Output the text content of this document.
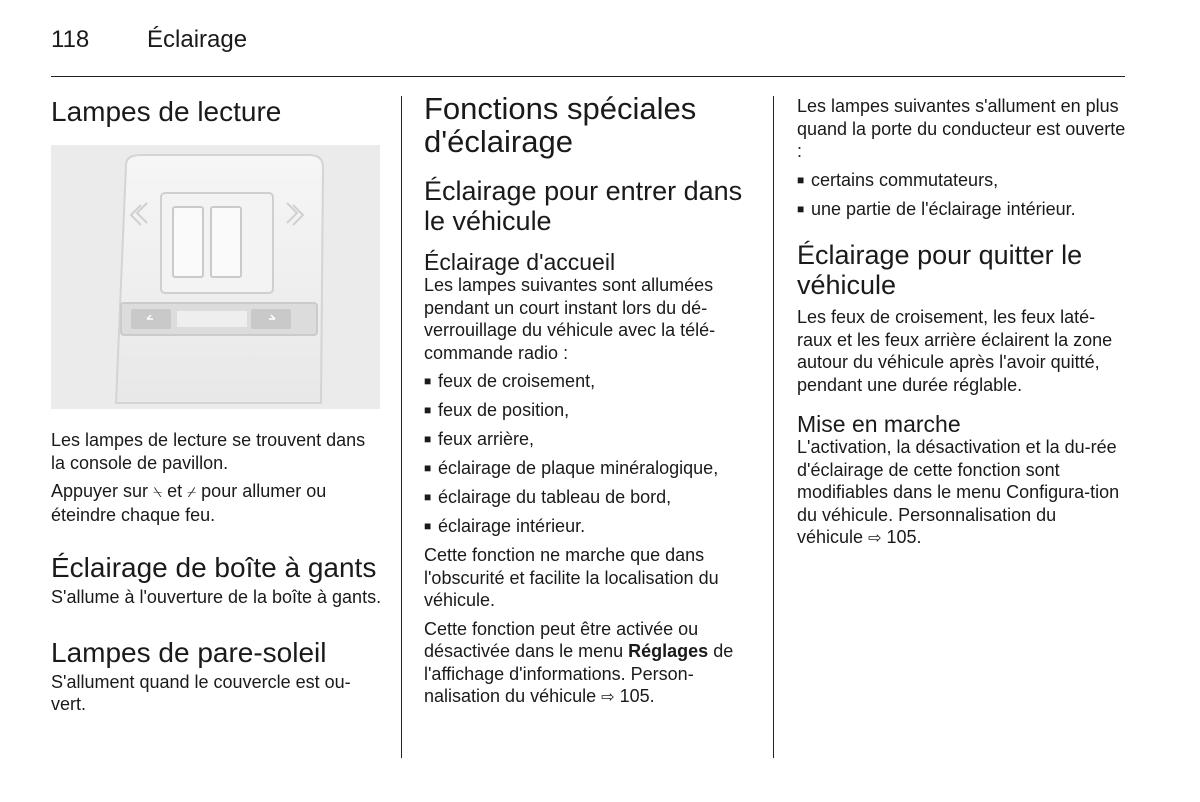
118 Éclairage
Lampes de lecture

Les lampes de lecture se trouvent dans la console de pavillon.

Appuyer sur ⍀ et ⌿ pour allumer ou éteindre chaque feu.

Éclairage de boîte à gants

S'allume à l'ouverture de la boîte à gants.

Lampes de pare-soleil

S'allument quand le couvercle est ou-vert.

Fonctions spéciales
d'éclairage
Éclairage pour entrer dans
le véhicule
Éclairage d'accueil

Les lampes suivantes sont allumées pendant un court instant lors du dé-verrouillage du véhicule avec la télé-commande radio :

■ feux de croisement,
■ feux de position,
■ feux arrière,
■ éclairage de plaque minéralogique,
■ éclairage du tableau de bord,
■ éclairage intérieur.

Cette fonction ne marche que dans l'obscurité et facilite la localisation du véhicule.

Cette fonction peut être activée ou désactivée dans le menu Réglages de l'affichage d'informations. Person-nalisation du véhicule ⇨ 105.

Les lampes suivantes s'allument en plus quand la porte du conducteur est ouverte :

■ certains commutateurs,
■ une partie de l'éclairage intérieur.
Éclairage pour quitter le
véhicule

Les feux de croisement, les feux laté-raux et les feux arrière éclairent la zone autour du véhicule après l'avoir quitté, pendant une durée réglable.

Mise en marche

L'activation, la désactivation et la du-rée d'éclairage de cette fonction sont modifiables dans le menu Configura-tion du véhicule. Personnalisation du véhicule ⇨ 105.
